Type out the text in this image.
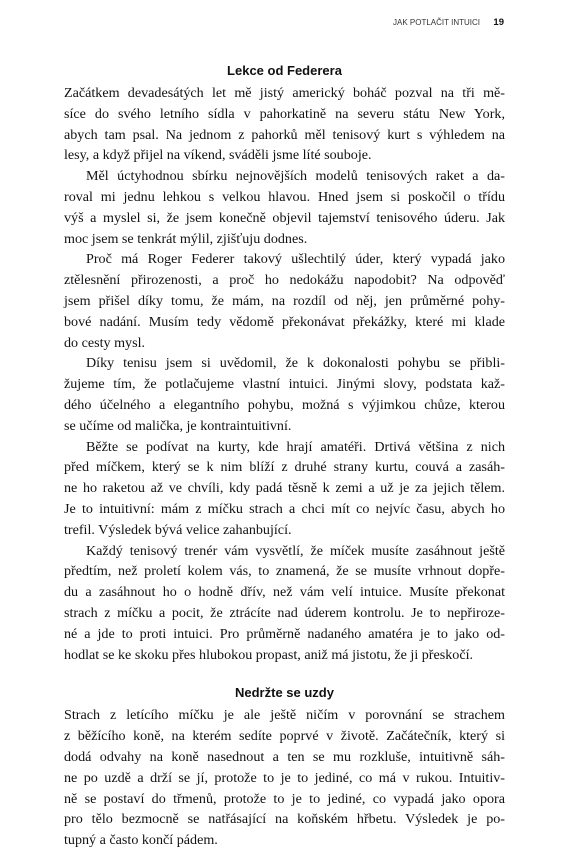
JAK POTLAČIT INTUICI 19
Lekce od Federera
Začátkem devadesátých let mě jistý americký boháč pozval na tři mě-
síce do svého letního sídla v pahorkatině na severu státu New York,
abych tam psal. Na jednom z pahorků měl tenisový kurt s výhledem na
lesy, a když přijel na víkend, sváděli jsme líté souboje.
Měl úctyhodnou sbírku nejnovějších modelů tenisových raket a da-
roval mi jednu lehkou s velkou hlavou. Hned jsem si poskočil o třídu
výš a myslel si, že jsem konečně objevil tajemství tenisového úderu. Jak
moc jsem se tenkrát mýlil, zjišťuju dodnes.
Proč má Roger Federer takový ušlechtilý úder, který vypadá jako
ztělesnění přirozenosti, a proč ho nedokážu napodobit? Na odpověď
jsem přišel díky tomu, že mám, na rozdíl od něj, jen průměrné pohy-
bové nadání. Musím tedy vědomě překonávat překážky, které mi klade
do cesty mysl.
Díky tenisu jsem si uvědomil, že k dokonalosti pohybu se přibli-
žujeme tím, že potlačujeme vlastní intuici. Jinými slovy, podstata kaž-
dého účelného a elegantního pohybu, možná s výjimkou chůze, kterou
se učíme od malička, je kontraintuitivní.
Běžte se podívat na kurty, kde hrají amatéři. Drtivá většina z nich
před míčkem, který se k nim blíží z druhé strany kurtu, couvá a zasáh-
ne ho raketou až ve chvíli, kdy padá těsně k zemi a už je za jejich tělem.
Je to intuitivní: mám z míčku strach a chci mít co nejvíc času, abych ho
trefil. Výsledek bývá velice zahanbující.
Každý tenisový trenér vám vysvětlí, že míček musíte zasáhnout ještě
předtím, než proletí kolem vás, to znamená, že se musíte vrhnout dopře-
du a zasáhnout ho o hodně dřív, než vám velí intuice. Musíte překonat
strach z míčku a pocit, že ztrácíte nad úderem kontrolu. Je to nepřiroze-
né a jde to proti intuici. Pro průměrně nadaného amatéra je to jako od-
hodlat se ke skoku přes hlubokou propast, aniž má jistotu, že ji přeskočí.
Nedržte se uzdy
Strach z letícího míčku je ale ještě ničím v porovnání se strachem
z běžícího koně, na kterém sedíte poprvé v životě. Začátečník, který si
dodá odvahy na koně nasednout a ten se mu rozkluše, intuitivně sáh-
ne po uzdě a drží se jí, protože to je to jediné, co má v rukou. Intuitiv-
ně se postaví do třmenů, protože to je to jediné, co vypadá jako opora
pro tělo bezmocně se natřásající na koňském hřbetu. Výsledek je po-
tupný a často končí pádem.
